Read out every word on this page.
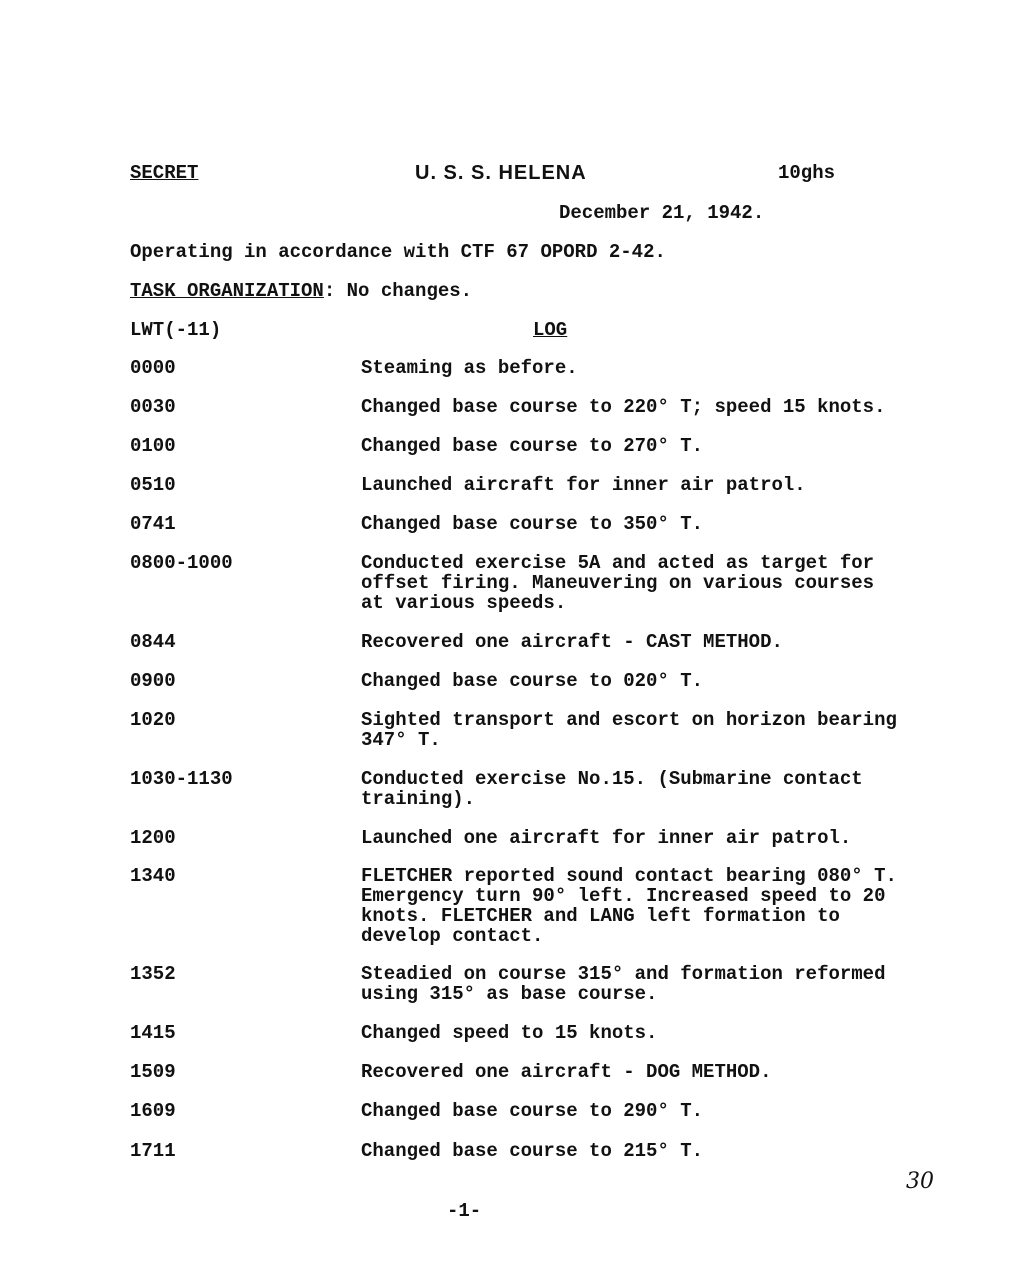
SECRET	U. S. S. HELENA	10ghs
December 21, 1942.
Operating in accordance with CTF 67 OPORD 2-42.
TASK ORGANIZATION: No changes.
LWT(-11)	LOG
0000	Steaming as before.
0030	Changed base course to 220° T; speed 15 knots.
0100	Changed base course to 270° T.
0510	Launched aircraft for inner air patrol.
0741	Changed base course to 350° T.
0800-1000	Conducted exercise 5A and acted as target for
offset firing. Maneuvering on various courses
at various speeds.
0844	Recovered one aircraft - CAST METHOD.
0900	Changed base course to 020° T.
1020	Sighted transport and escort on horizon bearing
347° T.
1030-1130	Conducted exercise No.15. (Submarine contact
training).
1200	Launched one aircraft for inner air patrol.
1340	FLETCHER reported sound contact bearing 080° T.
Emergency turn 90° left. Increased speed to 20
knots. FLETCHER and LANG left formation to
develop contact.
1352	Steadied on course 315° and formation reformed
using 315° as base course.
1415	Changed speed to 15 knots.
1509	Recovered one aircraft - DOG METHOD.
1609	Changed base course to 290° T.
1711	Changed base course to 215° T.
-1-
30
